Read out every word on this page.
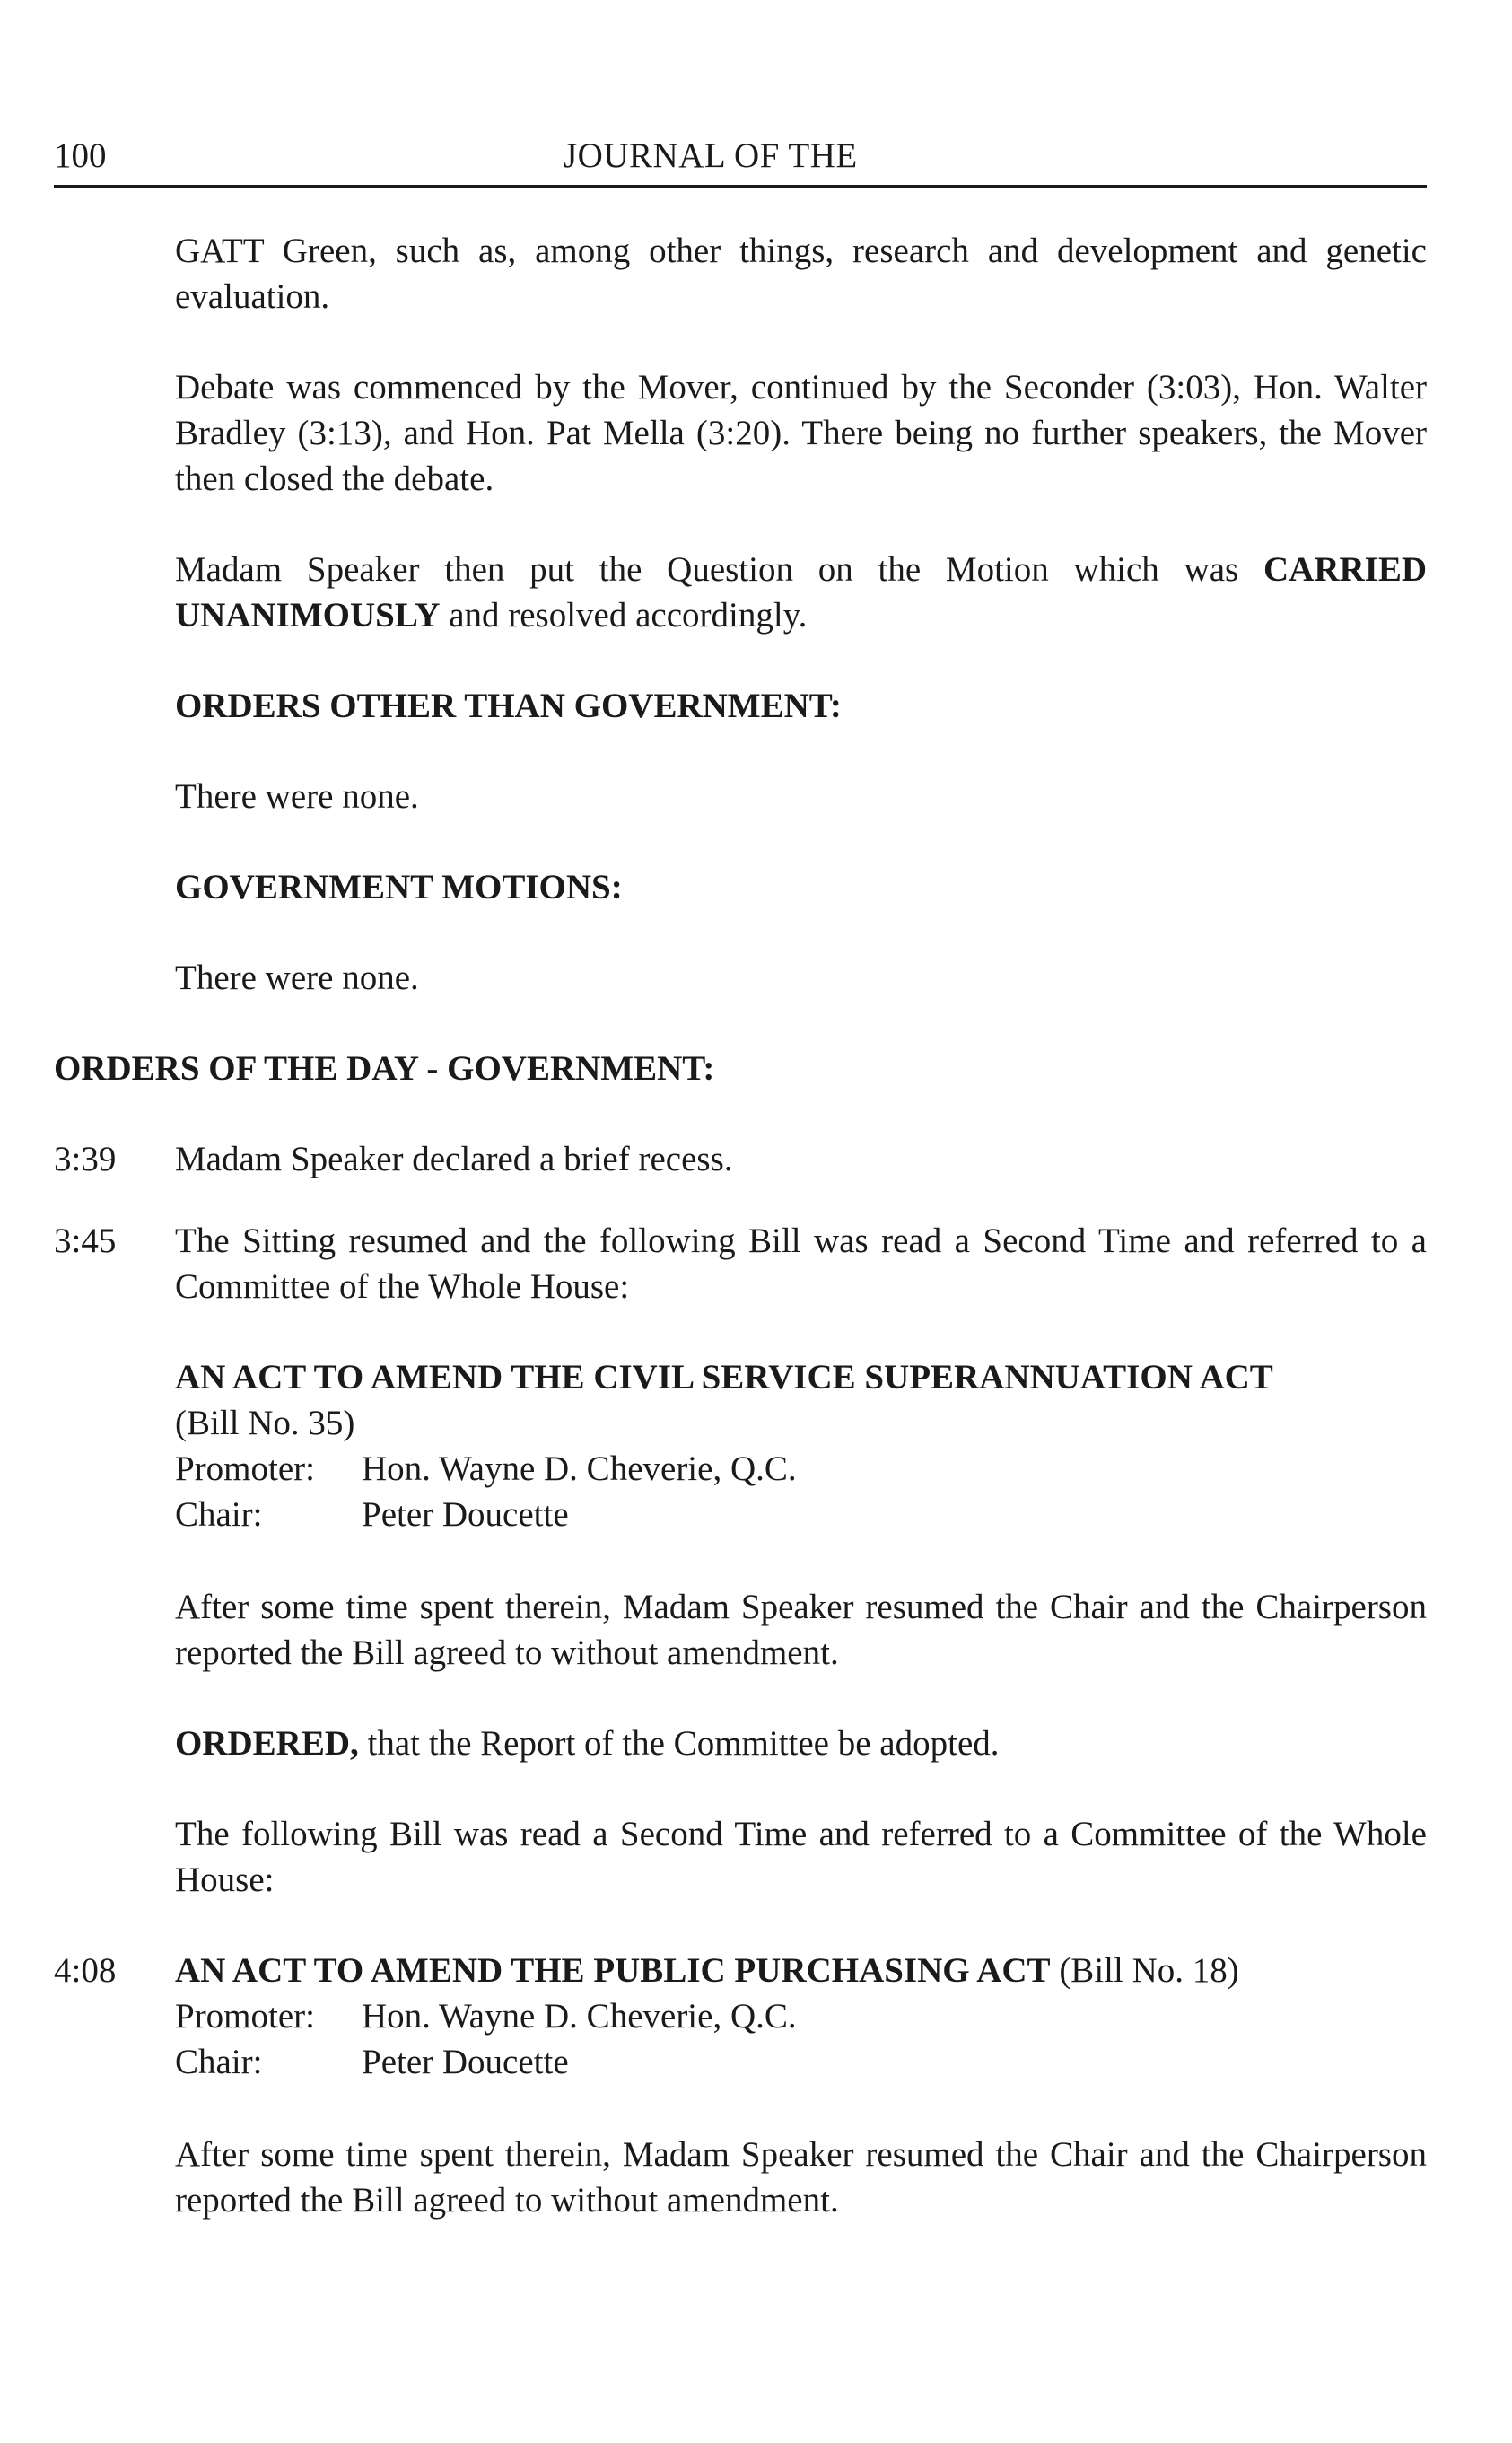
100	JOURNAL OF THE

GATT Green, such as, among other things, research and development and genetic evaluation.

Debate was commenced by the Mover, continued by the Seconder (3:03), Hon. Walter Bradley (3:13), and Hon. Pat Mella (3:20). There being no further speakers, the Mover then closed the debate.

Madam Speaker then put the Question on the Motion which was CARRIED UNANIMOUSLY and resolved accordingly.

ORDERS OTHER THAN GOVERNMENT:

There were none.

GOVERNMENT MOTIONS:

There were none.

ORDERS OF THE DAY - GOVERNMENT:
3:39 Madam Speaker declared a brief recess.
3:45 The Sitting resumed and the following Bill was read a Second Time and referred to a Committee of the Whole House:
AN ACT TO AMEND THE CIVIL SERVICE SUPERANNUATION ACT
(Bill No. 35)
Promoter:	Hon. Wayne D. Cheverie, Q.C.
Chair:	Peter Doucette

After some time spent therein, Madam Speaker resumed the Chair and the Chairperson reported the Bill agreed to without amendment.

ORDERED, that the Report of the Committee be adopted.

The following Bill was read a Second Time and referred to a Committee of the Whole House:

4:08 AN ACT TO AMEND THE PUBLIC PURCHASING ACT (Bill No. 18)
Promoter:	Hon. Wayne D. Cheverie, Q.C.
Chair:	Peter Doucette

After some time spent therein, Madam Speaker resumed the Chair and the Chairperson reported the Bill agreed to without amendment.
